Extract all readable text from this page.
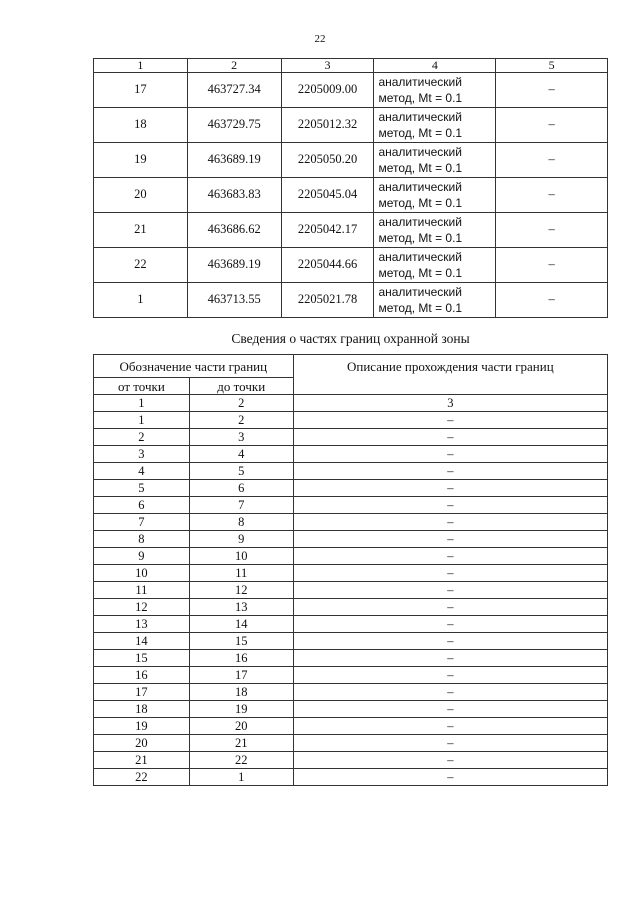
22
1	2	3	4	5
17	463727.34	2205009.00	аналитический
метод, Mt = 0.1	–
18	463729.75	2205012.32	аналитический
метод, Mt = 0.1	–
19	463689.19	2205050.20	аналитический
метод, Mt = 0.1	–
20	463683.83	2205045.04	аналитический
метод, Mt = 0.1	–
21	463686.62	2205042.17	аналитический
метод, Mt = 0.1	–
22	463689.19	2205044.66	аналитический
метод, Mt = 0.1	–
1	463713.55	2205021.78	аналитический
метод, Mt = 0.1	–
Сведения о частях границ охранной зоны
Обозначение части границ		Описание прохождения части границ
от точки	до точки	
1	2	3
1	2	–
2	3	–
3	4	–
4	5	–
5	6	–
6	7	–
7	8	–
8	9	–
9	10	–
10	11	–
11	12	–
12	13	–
13	14	–
14	15	–
15	16	–
16	17	–
17	18	–
18	19	–
19	20	–
20	21	–
21	22	–
22	1	–
